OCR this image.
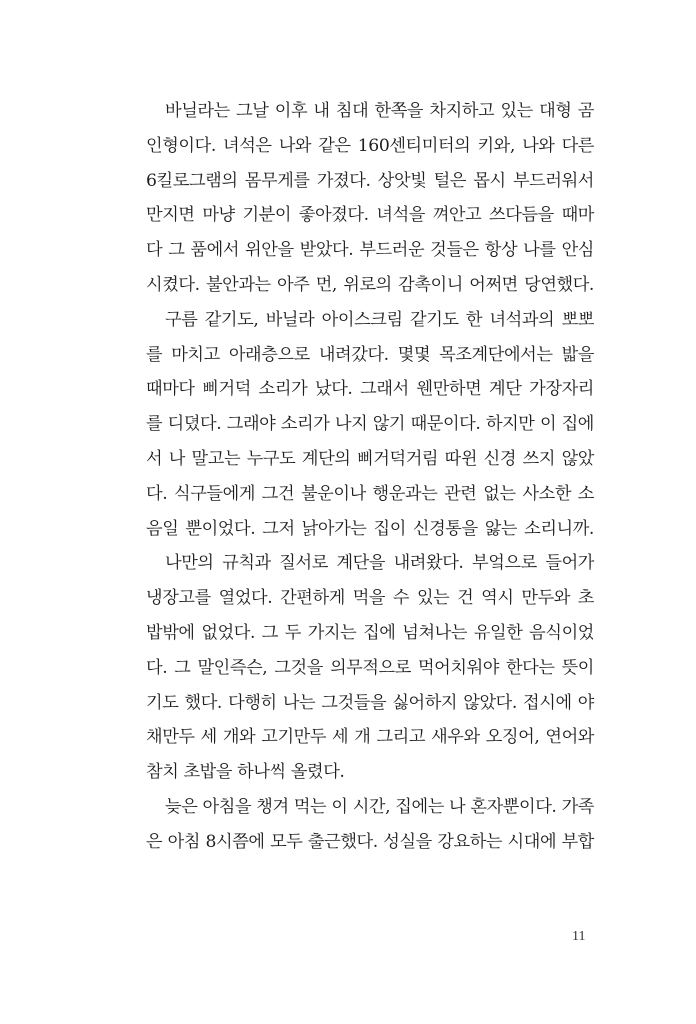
바닐라는 그날 이후 내 침대 한쪽을 차지하고 있는 대형 곰
인형이다. 녀석은 나와 같은 160센티미터의 키와, 나와 다른
6킬로그램의 몸무게를 가졌다. 상앗빛 털은 몹시 부드러워서
만지면 마냥 기분이 좋아졌다. 녀석을 껴안고 쓰다듬을 때마
다 그 품에서 위안을 받았다. 부드러운 것들은 항상 나를 안심
시켰다. 불안과는 아주 먼, 위로의 감촉이니 어쩌면 당연했다.
구름 같기도, 바닐라 아이스크림 같기도 한 녀석과의 뽀뽀
를 마치고 아래층으로 내려갔다. 몇몇 목조계단에서는 밟을
때마다 삐거덕 소리가 났다. 그래서 웬만하면 계단 가장자리
를 디뎠다. 그래야 소리가 나지 않기 때문이다. 하지만 이 집에
서 나 말고는 누구도 계단의 삐거덕거림 따윈 신경 쓰지 않았
다. 식구들에게 그건 불운이나 행운과는 관련 없는 사소한 소
음일 뿐이었다. 그저 낡아가는 집이 신경통을 앓는 소리니까.
나만의 규칙과 질서로 계단을 내려왔다. 부엌으로 들어가
냉장고를 열었다. 간편하게 먹을 수 있는 건 역시 만두와 초
밥밖에 없었다. 그 두 가지는 집에 넘쳐나는 유일한 음식이었
다. 그 말인즉슨, 그것을 의무적으로 먹어치워야 한다는 뜻이
기도 했다. 다행히 나는 그것들을 싫어하지 않았다. 접시에 야
채만두 세 개와 고기만두 세 개 그리고 새우와 오징어, 연어와
참치 초밥을 하나씩 올렸다.
늦은 아침을 챙겨 먹는 이 시간, 집에는 나 혼자뿐이다. 가족
은 아침 8시쯤에 모두 출근했다. 성실을 강요하는 시대에 부합
11
